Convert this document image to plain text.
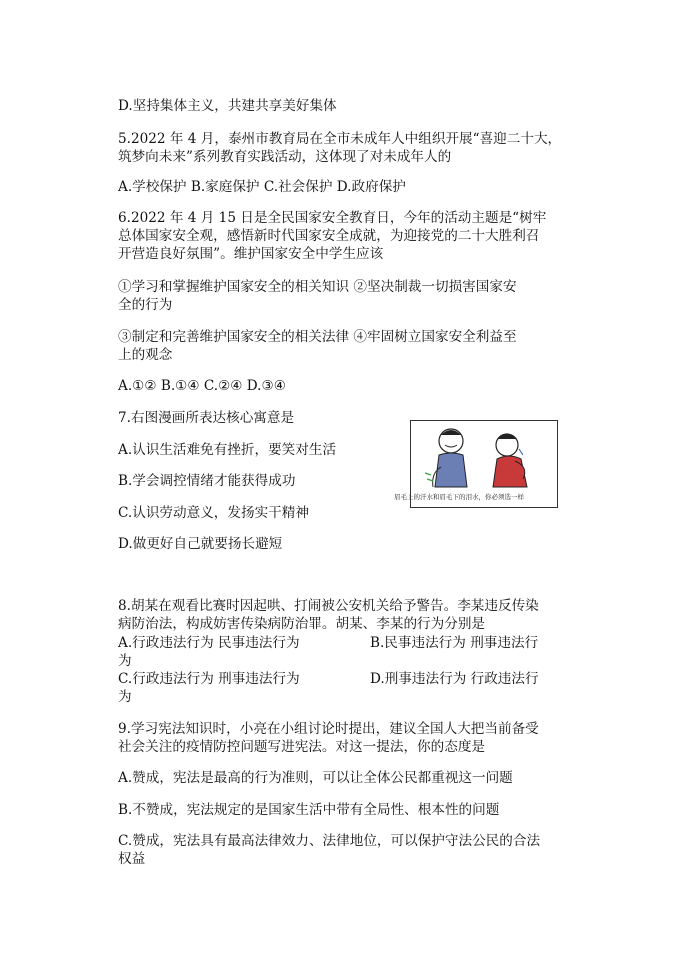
D.坚持集体主义，共建共享美好集体
5.2022 年 4 月，泰州市教育局在全市未成年人中组织开展“喜迎二十大，
筑梦向未来”系列教育实践活动，这体现了对未成年人的
A.学校保护 B.家庭保护 C.社会保护 D.政府保护
6.2022 年 4 月 15 日是全民国家安全教育日，今年的活动主题是“树牢
总体国家安全观，感悟新时代国家安全成就，为迎接党的二十大胜利召
开营造良好氛围”。维护国家安全中学生应该
①学习和掌握维护国家安全的相关知识 ②坚决制裁一切损害国家安
全的行为
③制定和完善维护国家安全的相关法律 ④牢固树立国家安全利益至
上的观念
A.①② B.①④ C.②④ D.③④
7.右图漫画所表达核心寓意是
A.认识生活难免有挫折，要笑对生活
B.学会调控情绪才能获得成功
C.认识劳动意义，发扬实干精神
D.做更好自己就要扬长避短
眉毛上的汗水和眉毛下的泪水，你必须选一样
8.胡某在观看比赛时因起哄、打闹被公安机关给予警告。李某违反传染
病防治法，构成妨害传染病防治罪。胡某、李某的行为分别是
A.行政违法行为 民事违法行为	B.民事违法行为 刑事违法行
为
C.行政违法行为 刑事违法行为	D.刑事违法行为 行政违法行
为
9.学习宪法知识时，小亮在小组讨论时提出，建议全国人大把当前备受
社会关注的疫情防控问题写进宪法。对这一提法，你的态度是
A.赞成，宪法是最高的行为准则，可以让全体公民都重视这一问题
B.不赞成，宪法规定的是国家生活中带有全局性、根本性的问题
C.赞成，宪法具有最高法律效力、法律地位，可以保护守法公民的合法
权益
